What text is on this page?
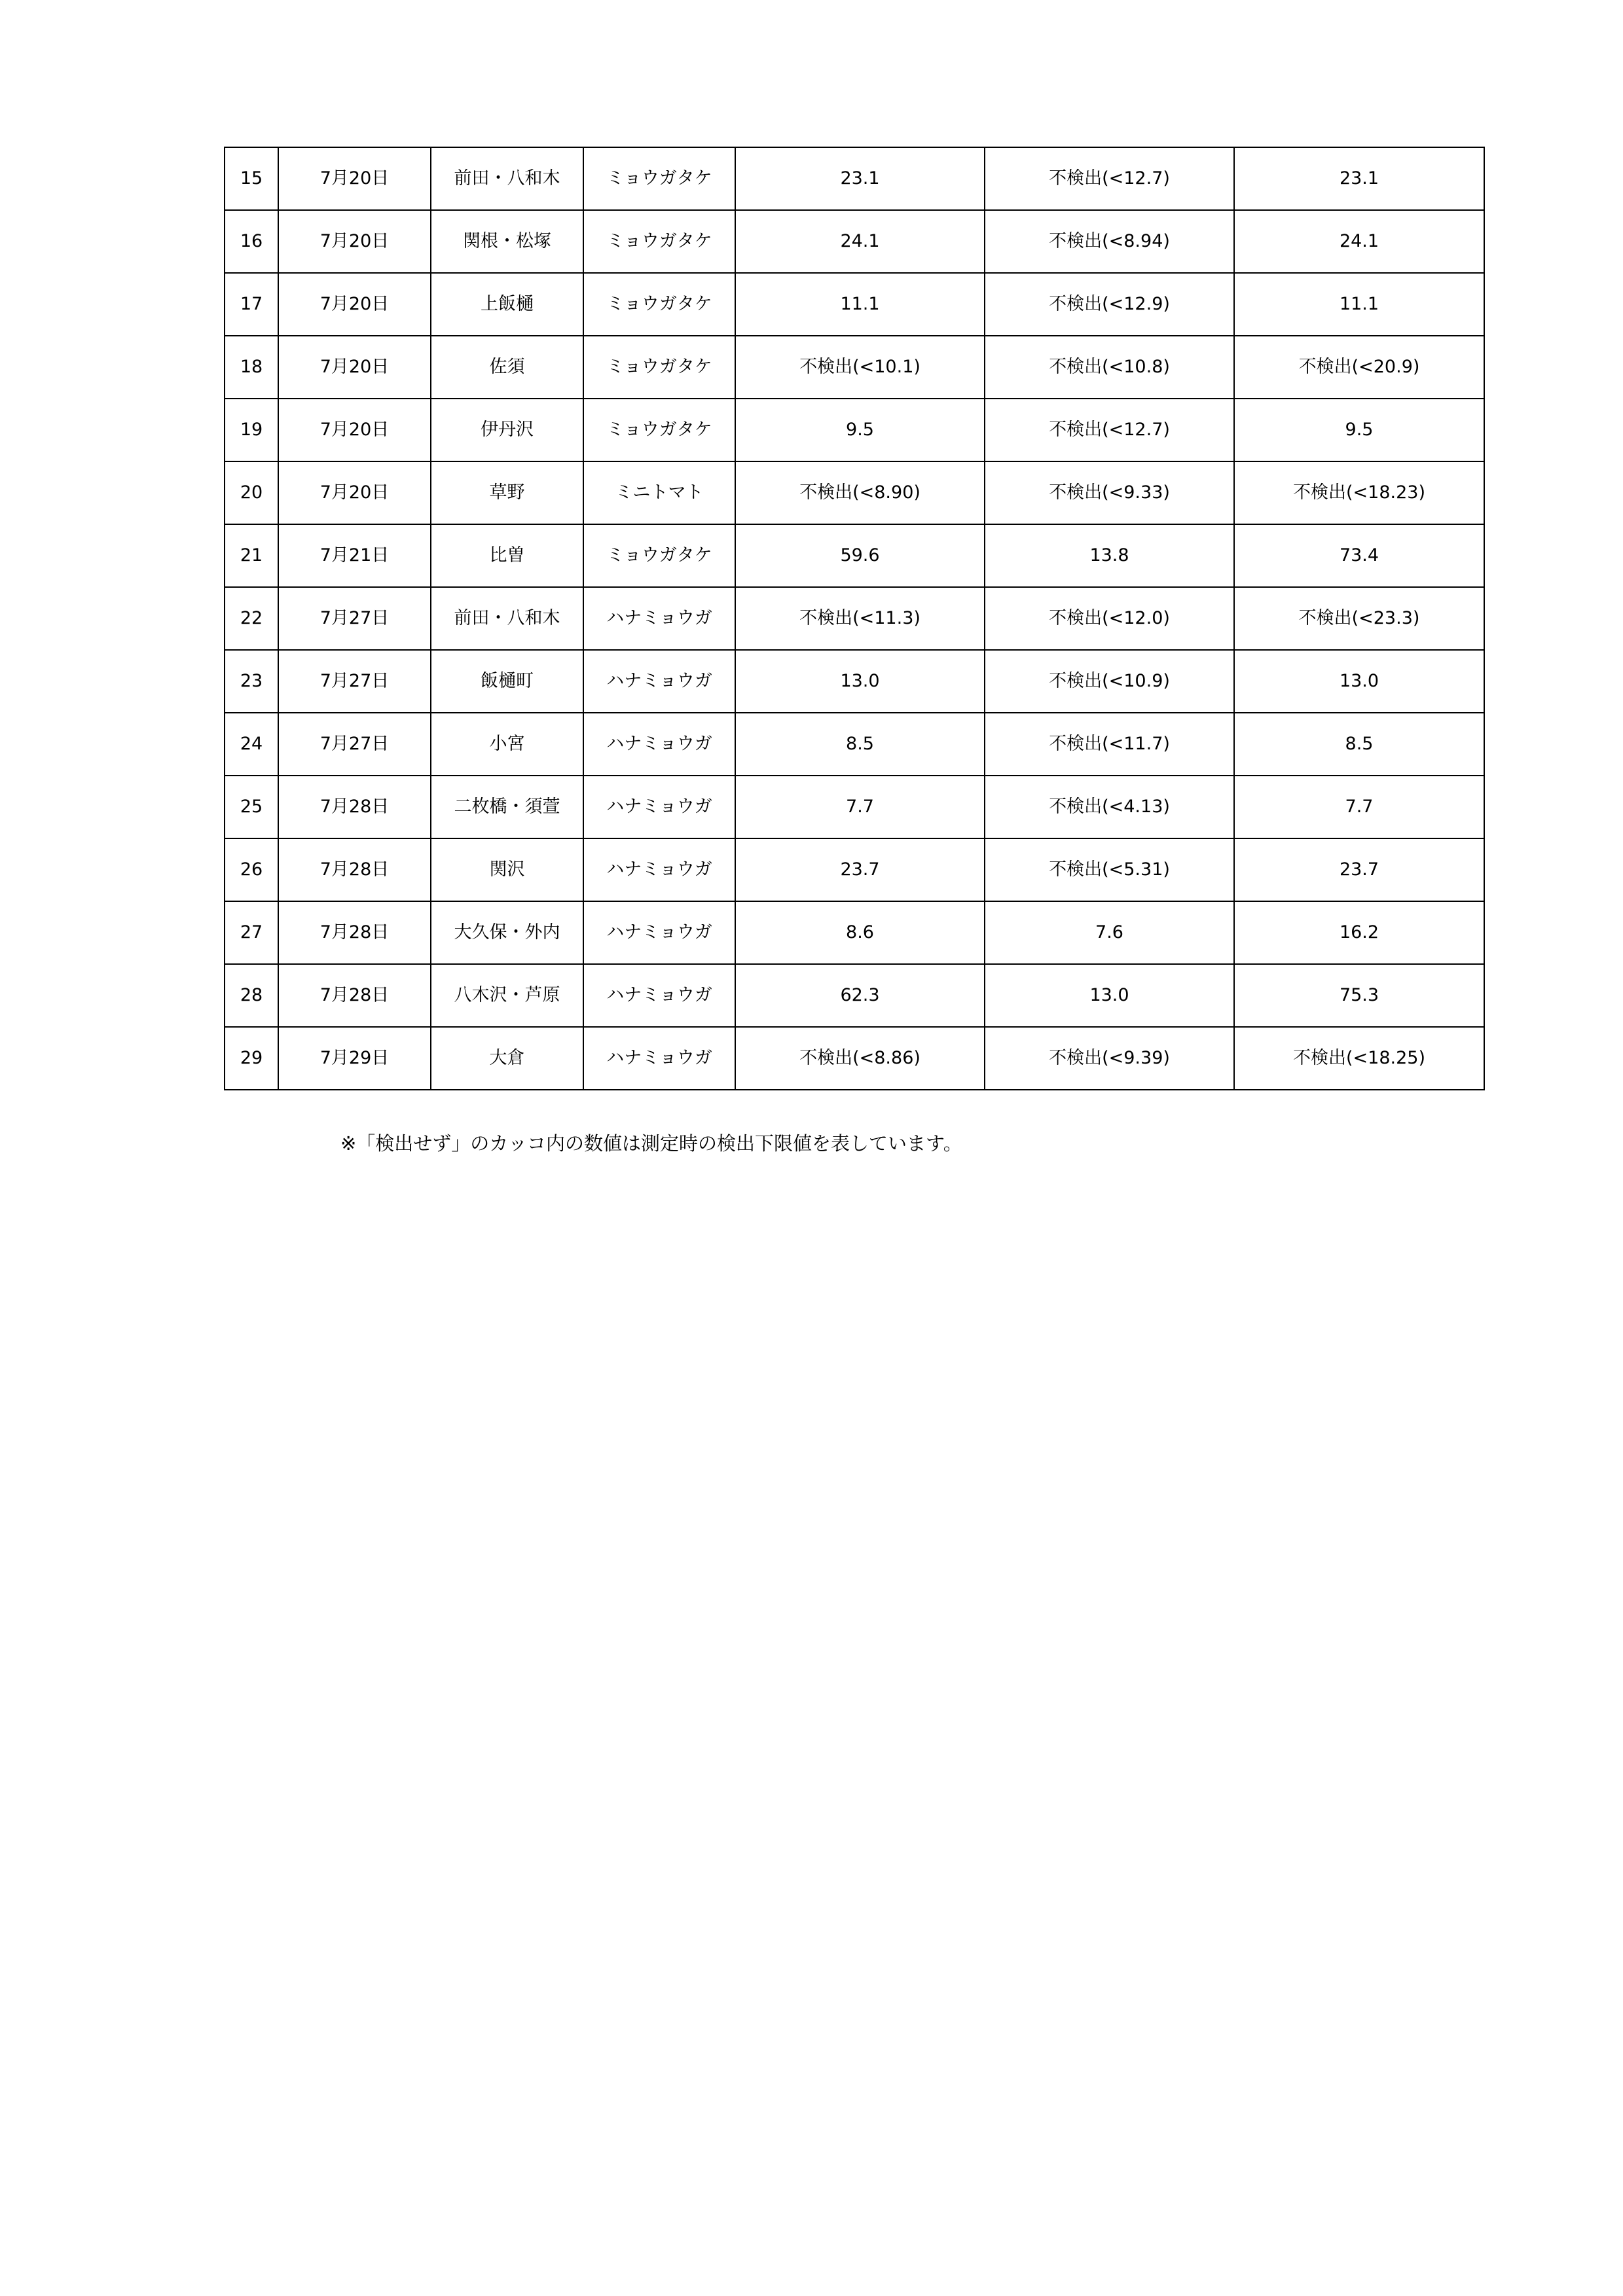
15	7月20日	前田・八和木	ミョウガタケ	23.1	不検出(<12.7)	23.1
16	7月20日	関根・松塚	ミョウガタケ	24.1	不検出(<8.94)	24.1
17	7月20日	上飯樋	ミョウガタケ	11.1	不検出(<12.9)	11.1
18	7月20日	佐須	ミョウガタケ	不検出(<10.1)	不検出(<10.8)	不検出(<20.9)
19	7月20日	伊丹沢	ミョウガタケ	9.5	不検出(<12.7)	9.5
20	7月20日	草野	ミニトマト	不検出(<8.90)	不検出(<9.33)	不検出(<18.23)
21	7月21日	比曽	ミョウガタケ	59.6	13.8	73.4
22	7月27日	前田・八和木	ハナミョウガ	不検出(<11.3)	不検出(<12.0)	不検出(<23.3)
23	7月27日	飯樋町	ハナミョウガ	13.0	不検出(<10.9)	13.0
24	7月27日	小宮	ハナミョウガ	8.5	不検出(<11.7)	8.5
25	7月28日	二枚橋・須萱	ハナミョウガ	7.7	不検出(<4.13)	7.7
26	7月28日	関沢	ハナミョウガ	23.7	不検出(<5.31)	23.7
27	7月28日	大久保・外内	ハナミョウガ	8.6	7.6	16.2
28	7月28日	八木沢・芦原	ハナミョウガ	62.3	13.0	75.3
29	7月29日	大倉	ハナミョウガ	不検出(<8.86)	不検出(<9.39)	不検出(<18.25)
※「検出せず」のカッコ内の数値は測定時の検出下限値を表しています。
